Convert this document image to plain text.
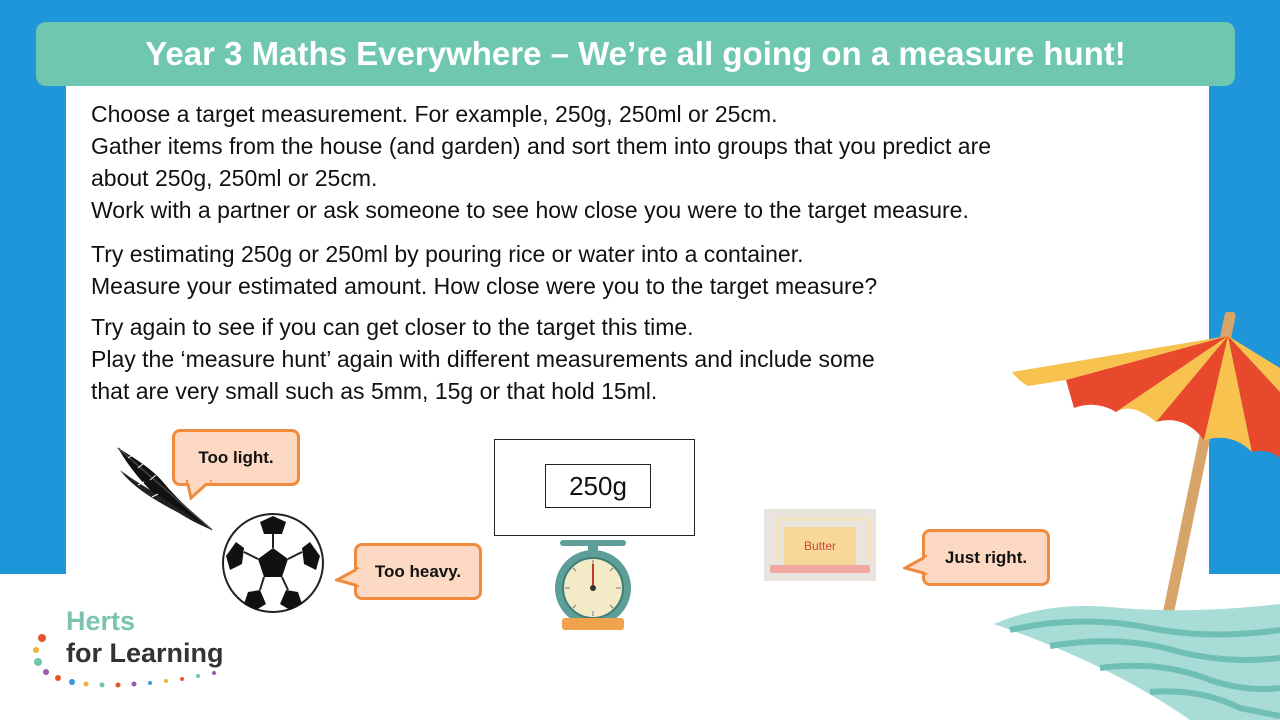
Year 3 Maths Everywhere – We’re all going on a measure hunt!

Choose a target measurement. For example, 250g, 250ml or 25cm.

Gather items from the house (and garden) and sort them into groups that you predict are

about 250g, 250ml or 25cm.

Work with a partner or ask someone to see how close you were to the target measure.

Try estimating 250g or 250ml by pouring rice or water into a container.

Measure your estimated amount. How close were you to the target measure?

Try again to see if you can get closer to the target this time.

Play the ‘measure hunt’ again with different measurements and include some

that are very small such as 5mm, 15g or that hold 15ml.

Too light.
Too heavy.
250g
Butter
Just right.
Herts
for Learning
